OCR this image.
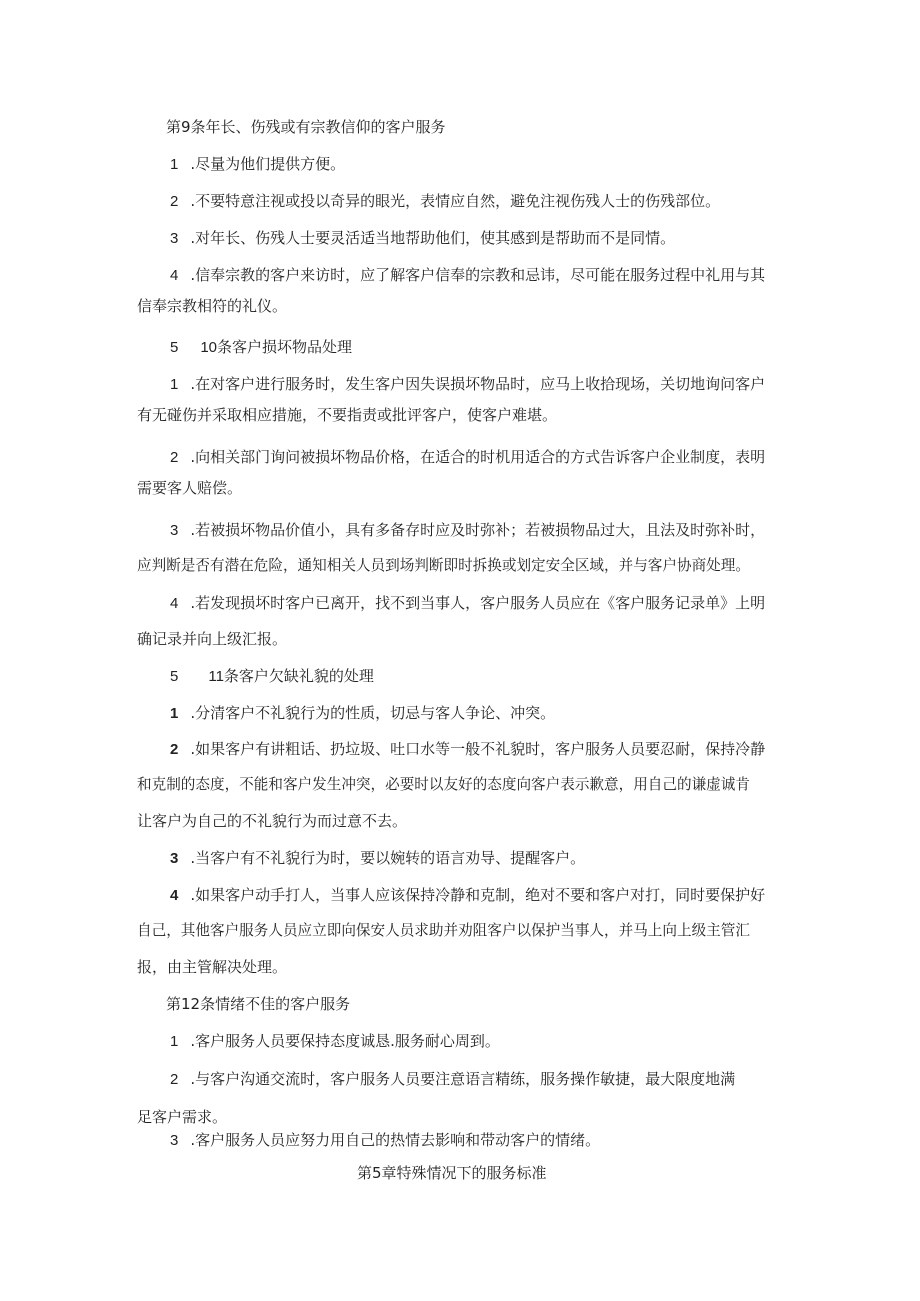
第9条年长、伤残或有宗教信仰的客户服务
1 .尽量为他们提供方便。
2 .不要特意注视或投以奇异的眼光，表情应自然，避免注视伤残人士的伤残部位。
3 .对年长、伤残人士要灵活适当地帮助他们，使其感到是帮助而不是同情。
4 .信奉宗教的客户来访时，应了解客户信奉的宗教和忌讳，尽可能在服务过程中礼用与其
信奉宗教相符的礼仪。
5 10条客户损坏物品处理
1 .在对客户进行服务时，发生客户因失误损坏物品时，应马上收拾现场，关切地询问客户
有无碰伤并采取相应措施，不要指责或批评客户，使客户难堪。
2 .向相关部门询问被损坏物品价格，在适合的时机用适合的方式告诉客户企业制度，表明
需要客人赔偿。
3 .若被损坏物品价值小，具有多备存时应及时弥补；若被损物品过大，且法及时弥补时，
应判断是否有潜在危险，通知相关人员到场判断即时拆换或划定安全区域，并与客户协商处理。
4 .若发现损坏时客户已离开，找不到当事人，客户服务人员应在《客户服务记录单》上明
确记录并向上级汇报。
5 11条客户欠缺礼貌的处理
1 .分清客户不礼貌行为的性质，切忌与客人争论、冲突。
2 .如果客户有讲粗话、扔垃圾、吐口水等一般不礼貌时，客户服务人员要忍耐，保持冷静
和克制的态度，不能和客户发生冲突，必要时以友好的态度向客户表示歉意，用自己的谦虚诚肯
让客户为自己的不礼貌行为而过意不去。
3 .当客户有不礼貌行为时，要以婉转的语言劝导、提醒客户。
4 .如果客户动手打人，当事人应该保持冷静和克制，绝对不要和客户对打，同时要保护好
自己，其他客户服务人员应立即向保安人员求助并劝阻客户以保护当事人，并马上向上级主管汇
报，由主管解决处理。
第12条情绪不佳的客户服务
1 .客户服务人员要保持态度诚恳.服务耐心周到。
2 .与客户沟通交流时，客户服务人员要注意语言精练，服务操作敏捷，最大限度地满
足客户需求。
3 .客户服务人员应努力用自己的热情去影响和带动客户的情绪。
第5章特殊情况下的服务标准
